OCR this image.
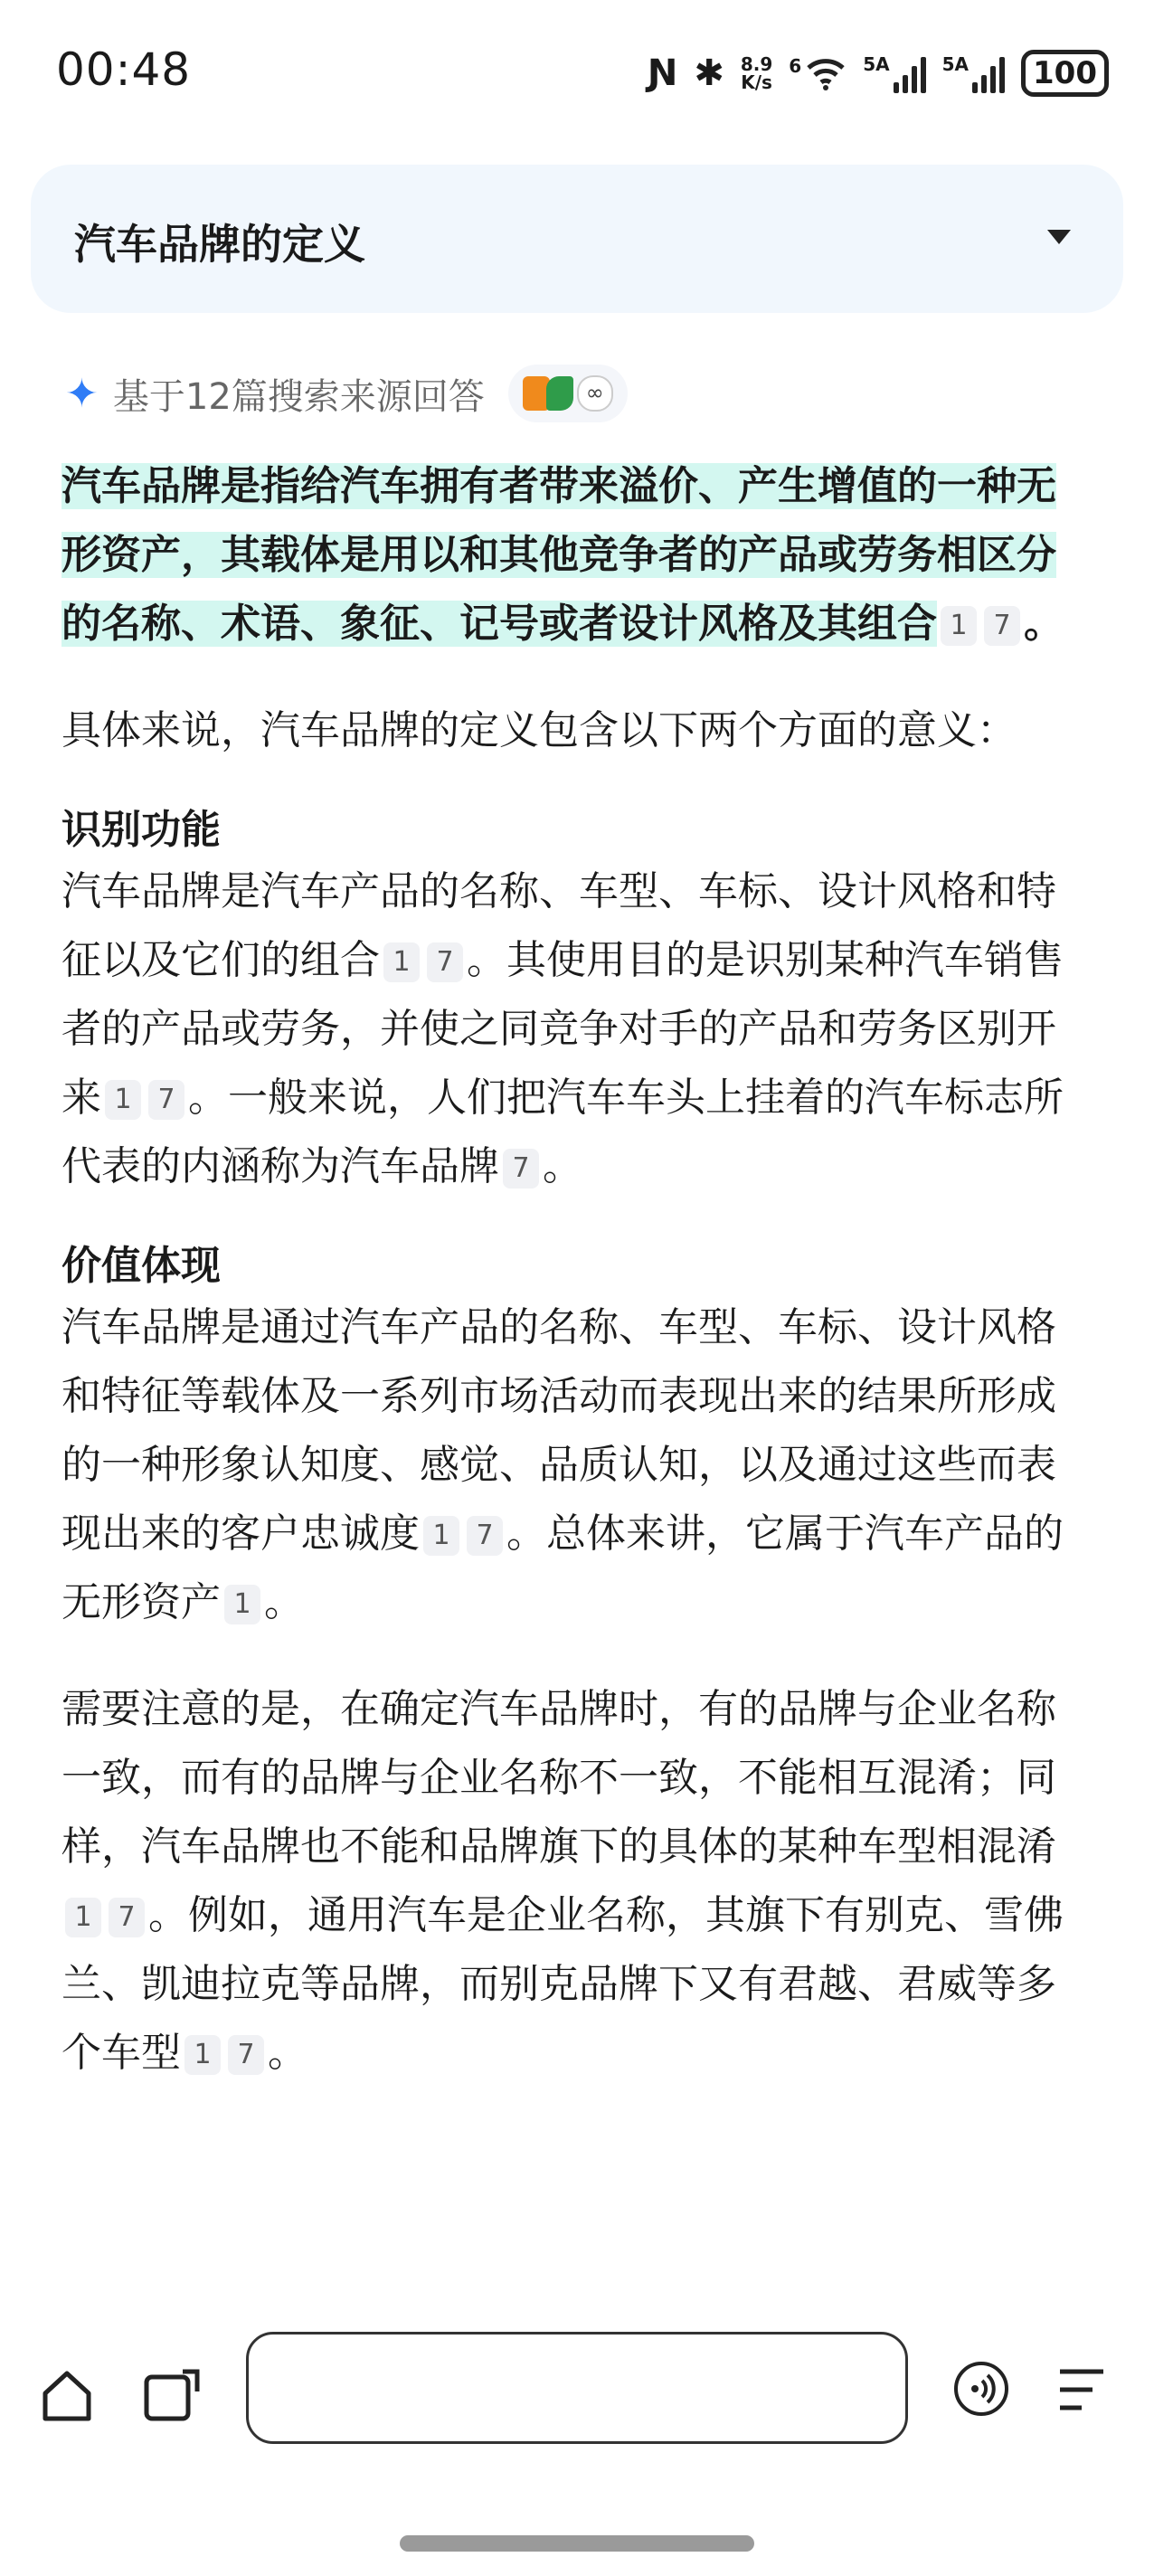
00:48	Ɲ ✱ 8.9
K/s
6	5A	5A	100
汽车品牌的定义
✦ 基于12篇搜索来源回答	∞

汽车品牌是指给汽车拥有者带来溢价、产生增值的一种无形资产，其载体是用以和其他竞争者的产品或劳务相区分的名称、术语、象征、记号或者设计风格及其组合 1 7 。

具体来说，汽车品牌的定义包含以下两个方面的意义：

识别功能

汽车品牌是汽车产品的名称、车型、车标、设计风格和特征以及它们的组合 1 7 。其使用目的是识别某种汽车销售者的产品或劳务，并使之同竞争对手的产品和劳务区别开来 1 7 。一般来说，人们把汽车车头上挂着的汽车标志所代表的内涵称为汽车品牌 7 。

价值体现

汽车品牌是通过汽车产品的名称、车型、车标、设计风格和特征等载体及一系列市场活动而表现出来的结果所形成的一种形象认知度、感觉、品质认知，以及通过这些而表现出来的客户忠诚度 1 7 。总体来讲，它属于汽车产品的无形资产 1 。

需要注意的是，在确定汽车品牌时，有的品牌与企业名称一致，而有的品牌与企业名称不一致，不能相互混淆；同样，汽车品牌也不能和品牌旗下的具体的某种车型相混淆1 7 。例如，通用汽车是企业名称，其旗下有别克、雪佛兰、凯迪拉克等品牌，而别克品牌下又有君越、君威等多个车型 1 7 。
